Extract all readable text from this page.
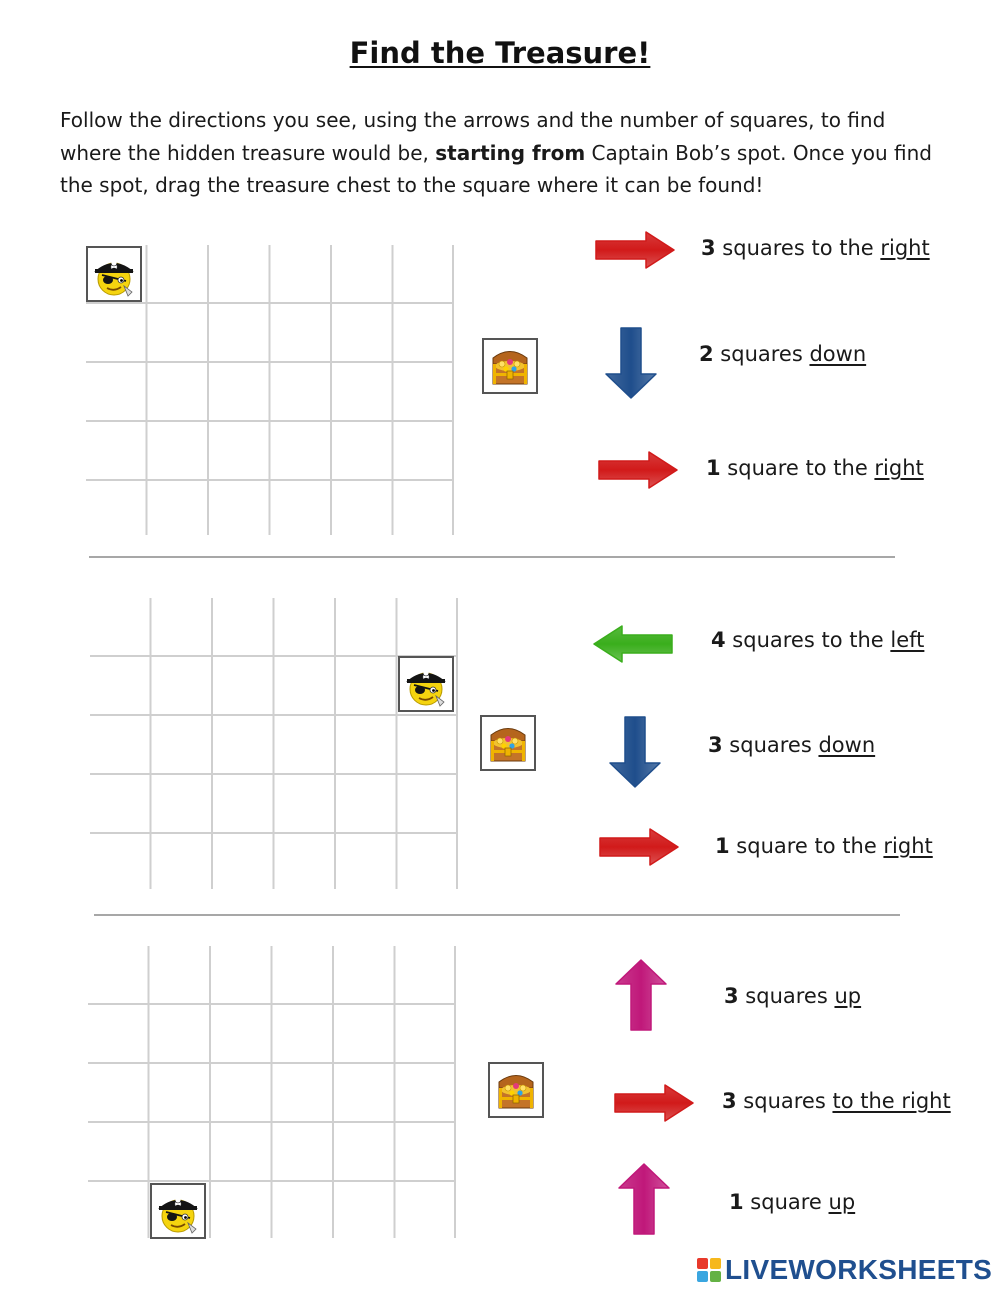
Find the Treasure!
Follow the directions you see, using the arrows and the number of squares, to find where the hidden treasure would be, starting from Captain Bob’s spot. Once you find the spot, drag the treasure chest to the square where it can be found!
3 squares to the right
2 squares down
1 square to the right
4 squares to the left
3 squares down
1 square to the right
3 squares up
3 squares to the right
1 square up
LIVEWORKSHEETS
